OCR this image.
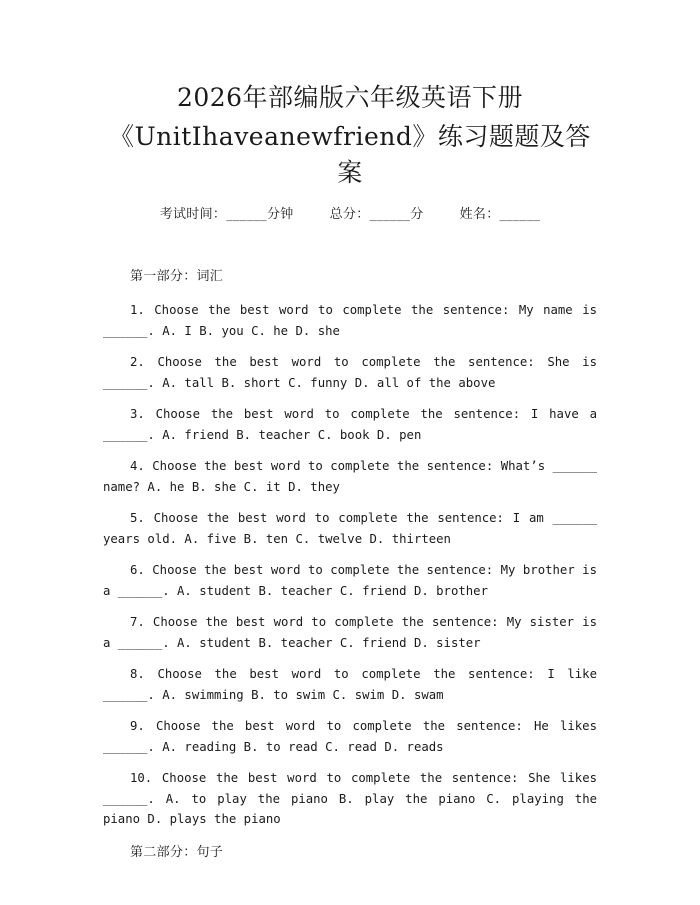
2026年部编版六年级英语下册
《UnitIhaveanewfriend》练习题题及答案
考试时间：______分钟	总分：______分	姓名：______

第一部分：词汇

1. Choose the best word to complete the sentence: My name is ______. A. I B. you C. he D. she
2. Choose the best word to complete the sentence: She is ______. A. tall B. short C. funny D. all of the above
3. Choose the best word to complete the sentence: I have a ______. A. friend B. teacher C. book D. pen
4. Choose the best word to complete the sentence: What’s ______ name? A. he B. she C. it D. they
5. Choose the best word to complete the sentence: I am ______ years old. A. five B. ten C. twelve D. thirteen
6. Choose the best word to complete the sentence: My brother is a ______. A. student B. teacher C. friend D. brother
7. Choose the best word to complete the sentence: My sister is a ______. A. student B. teacher C. friend D. sister
8. Choose the best word to complete the sentence: I like ______. A. swimming B. to swim C. swim D. swam
9. Choose the best word to complete the sentence: He likes ______. A. reading B. to read C. read D. reads
10. Choose the best word to complete the sentence: She likes ______. A. to play the piano B. play the piano C. playing the piano D. plays the piano

第二部分：句子
